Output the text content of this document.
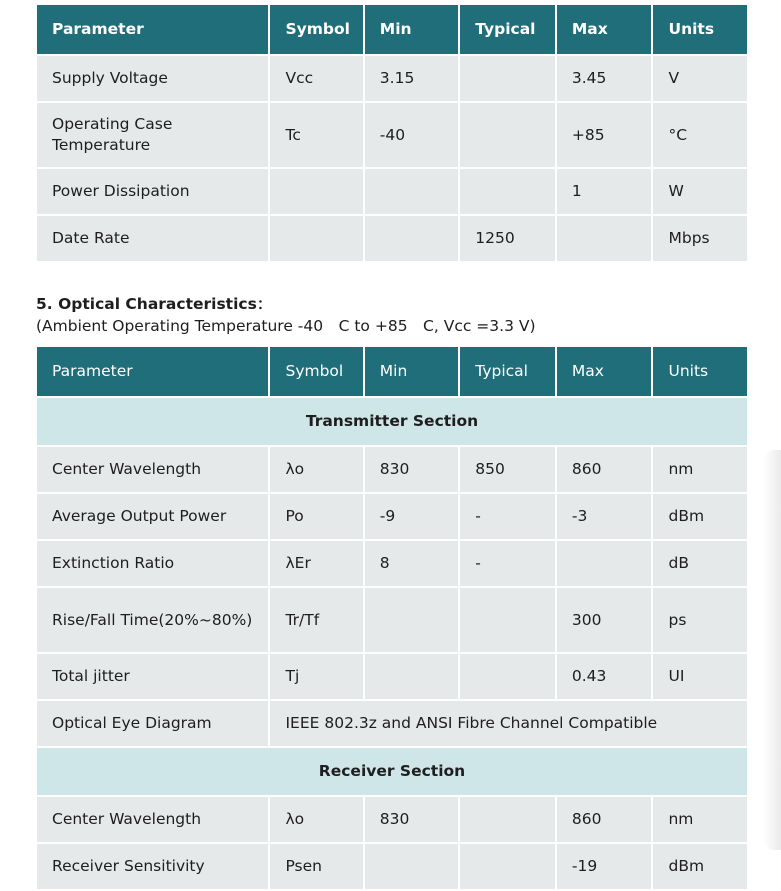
Parameter	Symbol	Min	Typical	Max	Units
Supply Voltage	Vcc	3.15		3.45	V
Operating Case Temperature	Tc	-40		+85	°C
Power Dissipation				1	W
Date Rate			1250		Mbps
5. Optical Characteristics：
(Ambient Operating Temperature -40 C to +85 C, Vcc =3.3 V)
Parameter	Symbol	Min	Typical	Max	Units
Transmitter Section					
Center Wavelength	λo	830	850	860	nm
Average Output Power	Po	-9	-	-3	dBm
Extinction Ratio	λEr	8	-		dB
Rise/Fall Time(20%~80%)	Tr/Tf			300	ps
Total jitter	Tj			0.43	UI
Optical Eye Diagram	IEEE 802.3z and ANSI Fibre Channel Compatible				
Receiver Section					
Center Wavelength	λo	830		860	nm
Receiver Sensitivity	Psen			-19	dBm
